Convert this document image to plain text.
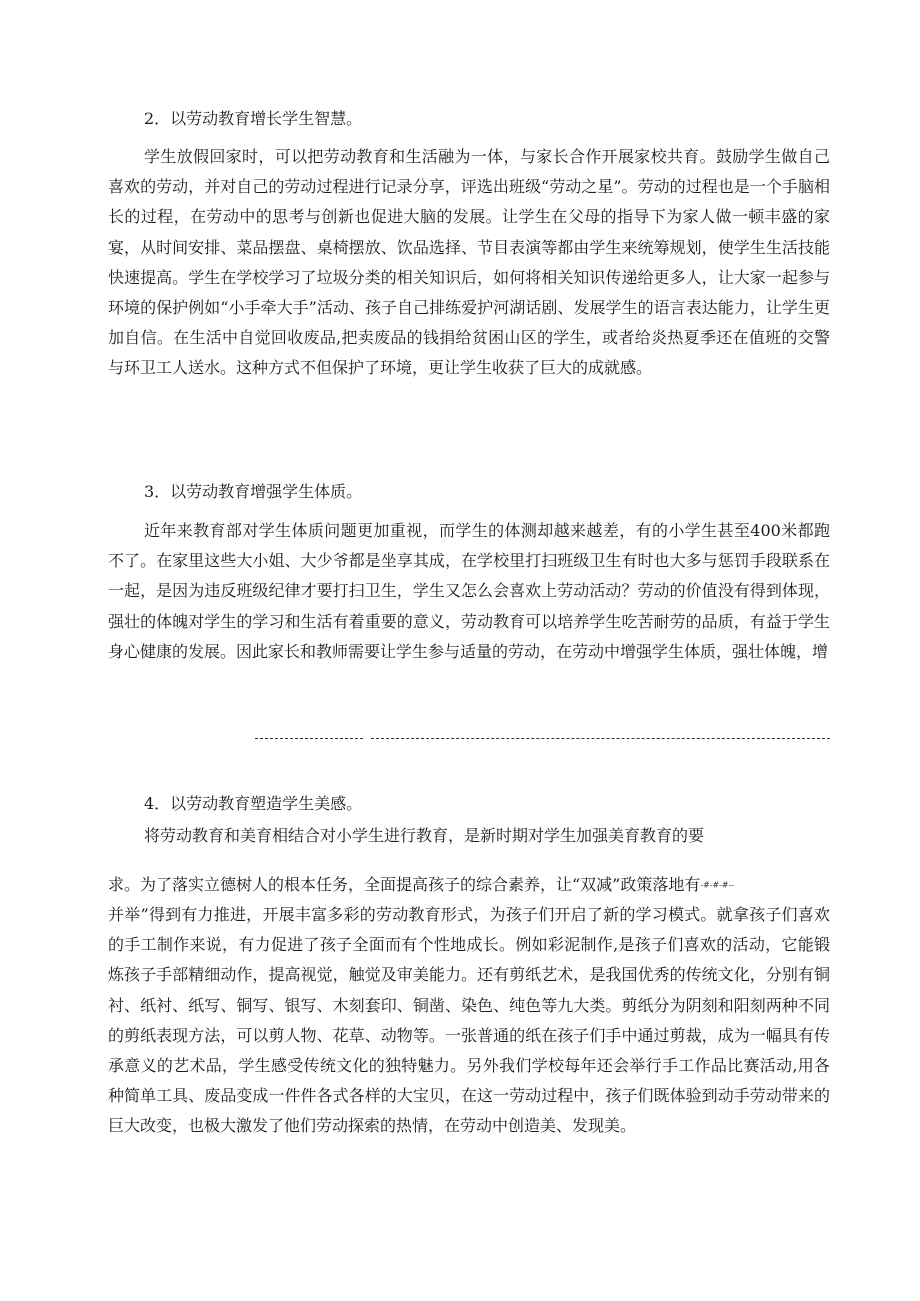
2．以劳动教育增长学生智慧。

学生放假回家时，可以把劳动教育和生活融为一体，与家长合作开展家校共育。鼓励学生做自己喜欢的劳动，并对自己的劳动过程进行记录分享，评选出班级“劳动之星”。劳动的过程也是一个手脑相长的过程，在劳动中的思考与创新也促进大脑的发展。让学生在父母的指导下为家人做一顿丰盛的家宴，从时间安排、菜品摆盘、桌椅摆放、饮品选择、节目表演等都由学生来统筹规划，使学生生活技能快速提高。学生在学校学习了垃圾分类的相关知识后，如何将相关知识传递给更多人，让大家一起参与环境的保护例如“小手牵大手”活动、孩子自己排练爱护河湖话剧、发展学生的语言表达能力，让学生更加自信。在生活中自觉回收废品,把卖废品的钱捐给贫困山区的学生，或者给炎热夏季还在值班的交警与环卫工人送水。这种方式不但保护了环境，更让学生收获了巨大的成就感。

3．以劳动教育增强学生体质。

近年来教育部对学生体质问题更加重视，而学生的体测却越来越差，有的小学生甚至400米都跑不了。在家里这些大小姐、大少爷都是坐享其成，在学校里打扫班级卫生有时也大多与惩罚手段联系在一起，是因为违反班级纪律才要打扫卫生，学生又怎么会喜欢上劳动活动？劳动的价值没有得到体现，强壮的体魄对学生的学习和生活有着重要的意义，劳动教育可以培养学生吃苦耐劳的品质，有益于学生身心健康的发展。因此家长和教师需要让学生参与适量的劳动，在劳动中增强学生体质，强壮体魄，增

4．以劳动教育塑造学生美感。
将劳动教育和美育相结合对小学生进行教育，是新时期对学生加强美育教育的要
求。为了落实立德树人的根本任务，全面提高孩子的综合素养，让“双减”政策落地有-#-#-#--

并举”得到有力推进，开展丰富多彩的劳动教育形式，为孩子们开启了新的学习模式。就拿孩子们喜欢的手工制作来说，有力促进了孩子全面而有个性地成长。例如彩泥制作,是孩子们喜欢的活动，它能锻炼孩子手部精细动作，提高视觉，触觉及审美能力。还有剪纸艺术，是我国优秀的传统文化，分别有铜衬、纸衬、纸写、铜写、银写、木刻套印、铜凿、染色、纯色等九大类。剪纸分为阴刻和阳刻两种不同的剪纸表现方法，可以剪人物、花草、动物等。一张普通的纸在孩子们手中通过剪裁，成为一幅具有传承意义的艺术品，学生感受传统文化的独特魅力。另外我们学校每年还会举行手工作品比赛活动,用各种简单工具、废品变成一件件各式各样的大宝贝，在这一劳动过程中，孩子们既体验到动手劳动带来的巨大改变，也极大激发了他们劳动探索的热情，在劳动中创造美、发现美。
